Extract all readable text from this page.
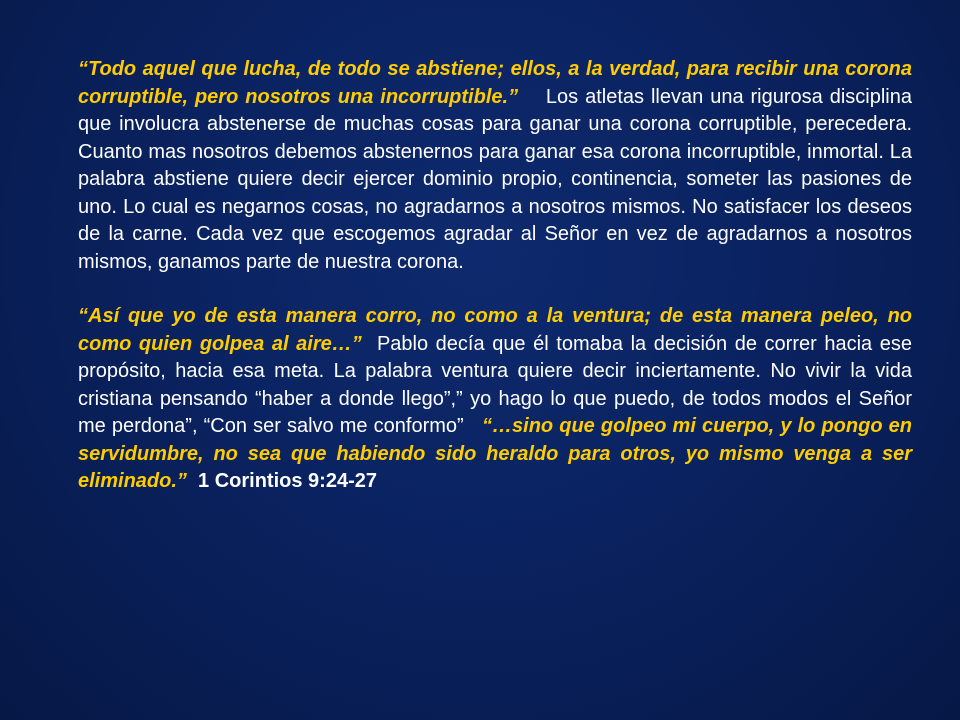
“Todo aquel que lucha, de todo se abstiene; ellos, a la verdad, para recibir una corona corruptible, pero nosotros una incorruptible.” Los atletas llevan una rigurosa disciplina que involucra abstenerse de muchas cosas para ganar una corona corruptible, perecedera. Cuanto mas nosotros debemos abstenernos para ganar esa corona incorruptible, inmortal. La palabra abstiene quiere decir ejercer dominio propio, continencia, someter las pasiones de uno. Lo cual es negarnos cosas, no agradarnos a nosotros mismos. No satisfacer los deseos de la carne. Cada vez que escogemos agradar al Señor en vez de agradarnos a nosotros mismos, ganamos parte de nuestra corona.

“Así que yo de esta manera corro, no como a la ventura; de esta manera peleo, no como quien golpea al aire…” Pablo decía que él tomaba la decisión de correr hacia ese propósito, hacia esa meta. La palabra ventura quiere decir inciertamente. No vivir la vida cristiana pensando “haber a donde llego”,” yo hago lo que puedo, de todos modos el Señor me perdona”, “Con ser salvo me conformo” “…sino que golpeo mi cuerpo, y lo pongo en servidumbre, no sea que habiendo sido heraldo para otros, yo mismo venga a ser eliminado.” 1 Corintios 9:24-27
